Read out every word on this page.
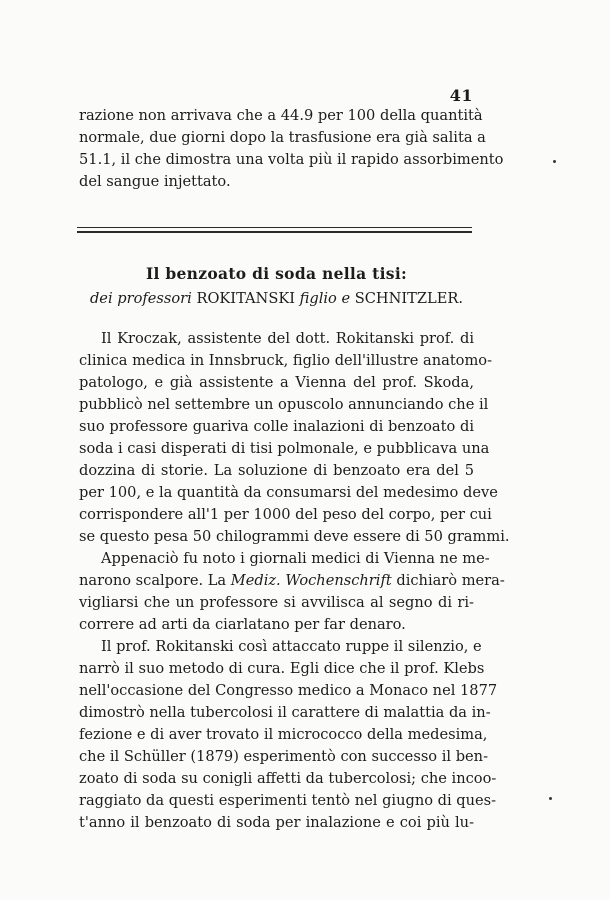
41
razione non arrivava che a 44.9 per 100 della quantità
normale, due giorni dopo la trasfusione era già salita a
51.1, il che dimostra una volta più il rapido assorbimento
del sangue injettato.
Il benzoato di soda nella tisi:
dei professori ROKITANSKI figlio e SCHNITZLER.
Il Kroczak, assistente del dott. Rokitanski prof. di
clinica medica in Innsbruck, figlio dell'illustre anatomo-
patologo, e già assistente a Vienna del prof. Skoda,
pubblicò nel settembre un opuscolo annunciando che il
suo professore guariva colle inalazioni di benzoato di
soda i casi disperati di tisi polmonale, e pubblicava una
dozzina di storie. La soluzione di benzoato era del 5
per 100, e la quantità da consumarsi del medesimo deve
corrispondere all'1 per 1000 del peso del corpo, per cui
se questo pesa 50 chilogrammi deve essere di 50 grammi.
Appenaciò fu noto i giornali medici di Vienna ne me-
narono scalpore. La Mediz. Wochenschrift dichiarò mera-
vigliarsi che un professore si avvilisca al segno di ri-
correre ad arti da ciarlatano per far denaro.
Il prof. Rokitanski così attaccato ruppe il silenzio, e
narrò il suo metodo di cura. Egli dice che il prof. Klebs
nell'occasione del Congresso medico a Monaco nel 1877
dimostrò nella tubercolosi il carattere di malattia da in-
fezione e di aver trovato il micrococco della medesima,
che il Schüller (1879) esperimentò con successo il ben-
zoato di soda su conigli affetti da tubercolosi; che incoo-
raggiato da questi esperimenti tentò nel giugno di ques-
t'anno il benzoato di soda per inalazione e coi più lu-
